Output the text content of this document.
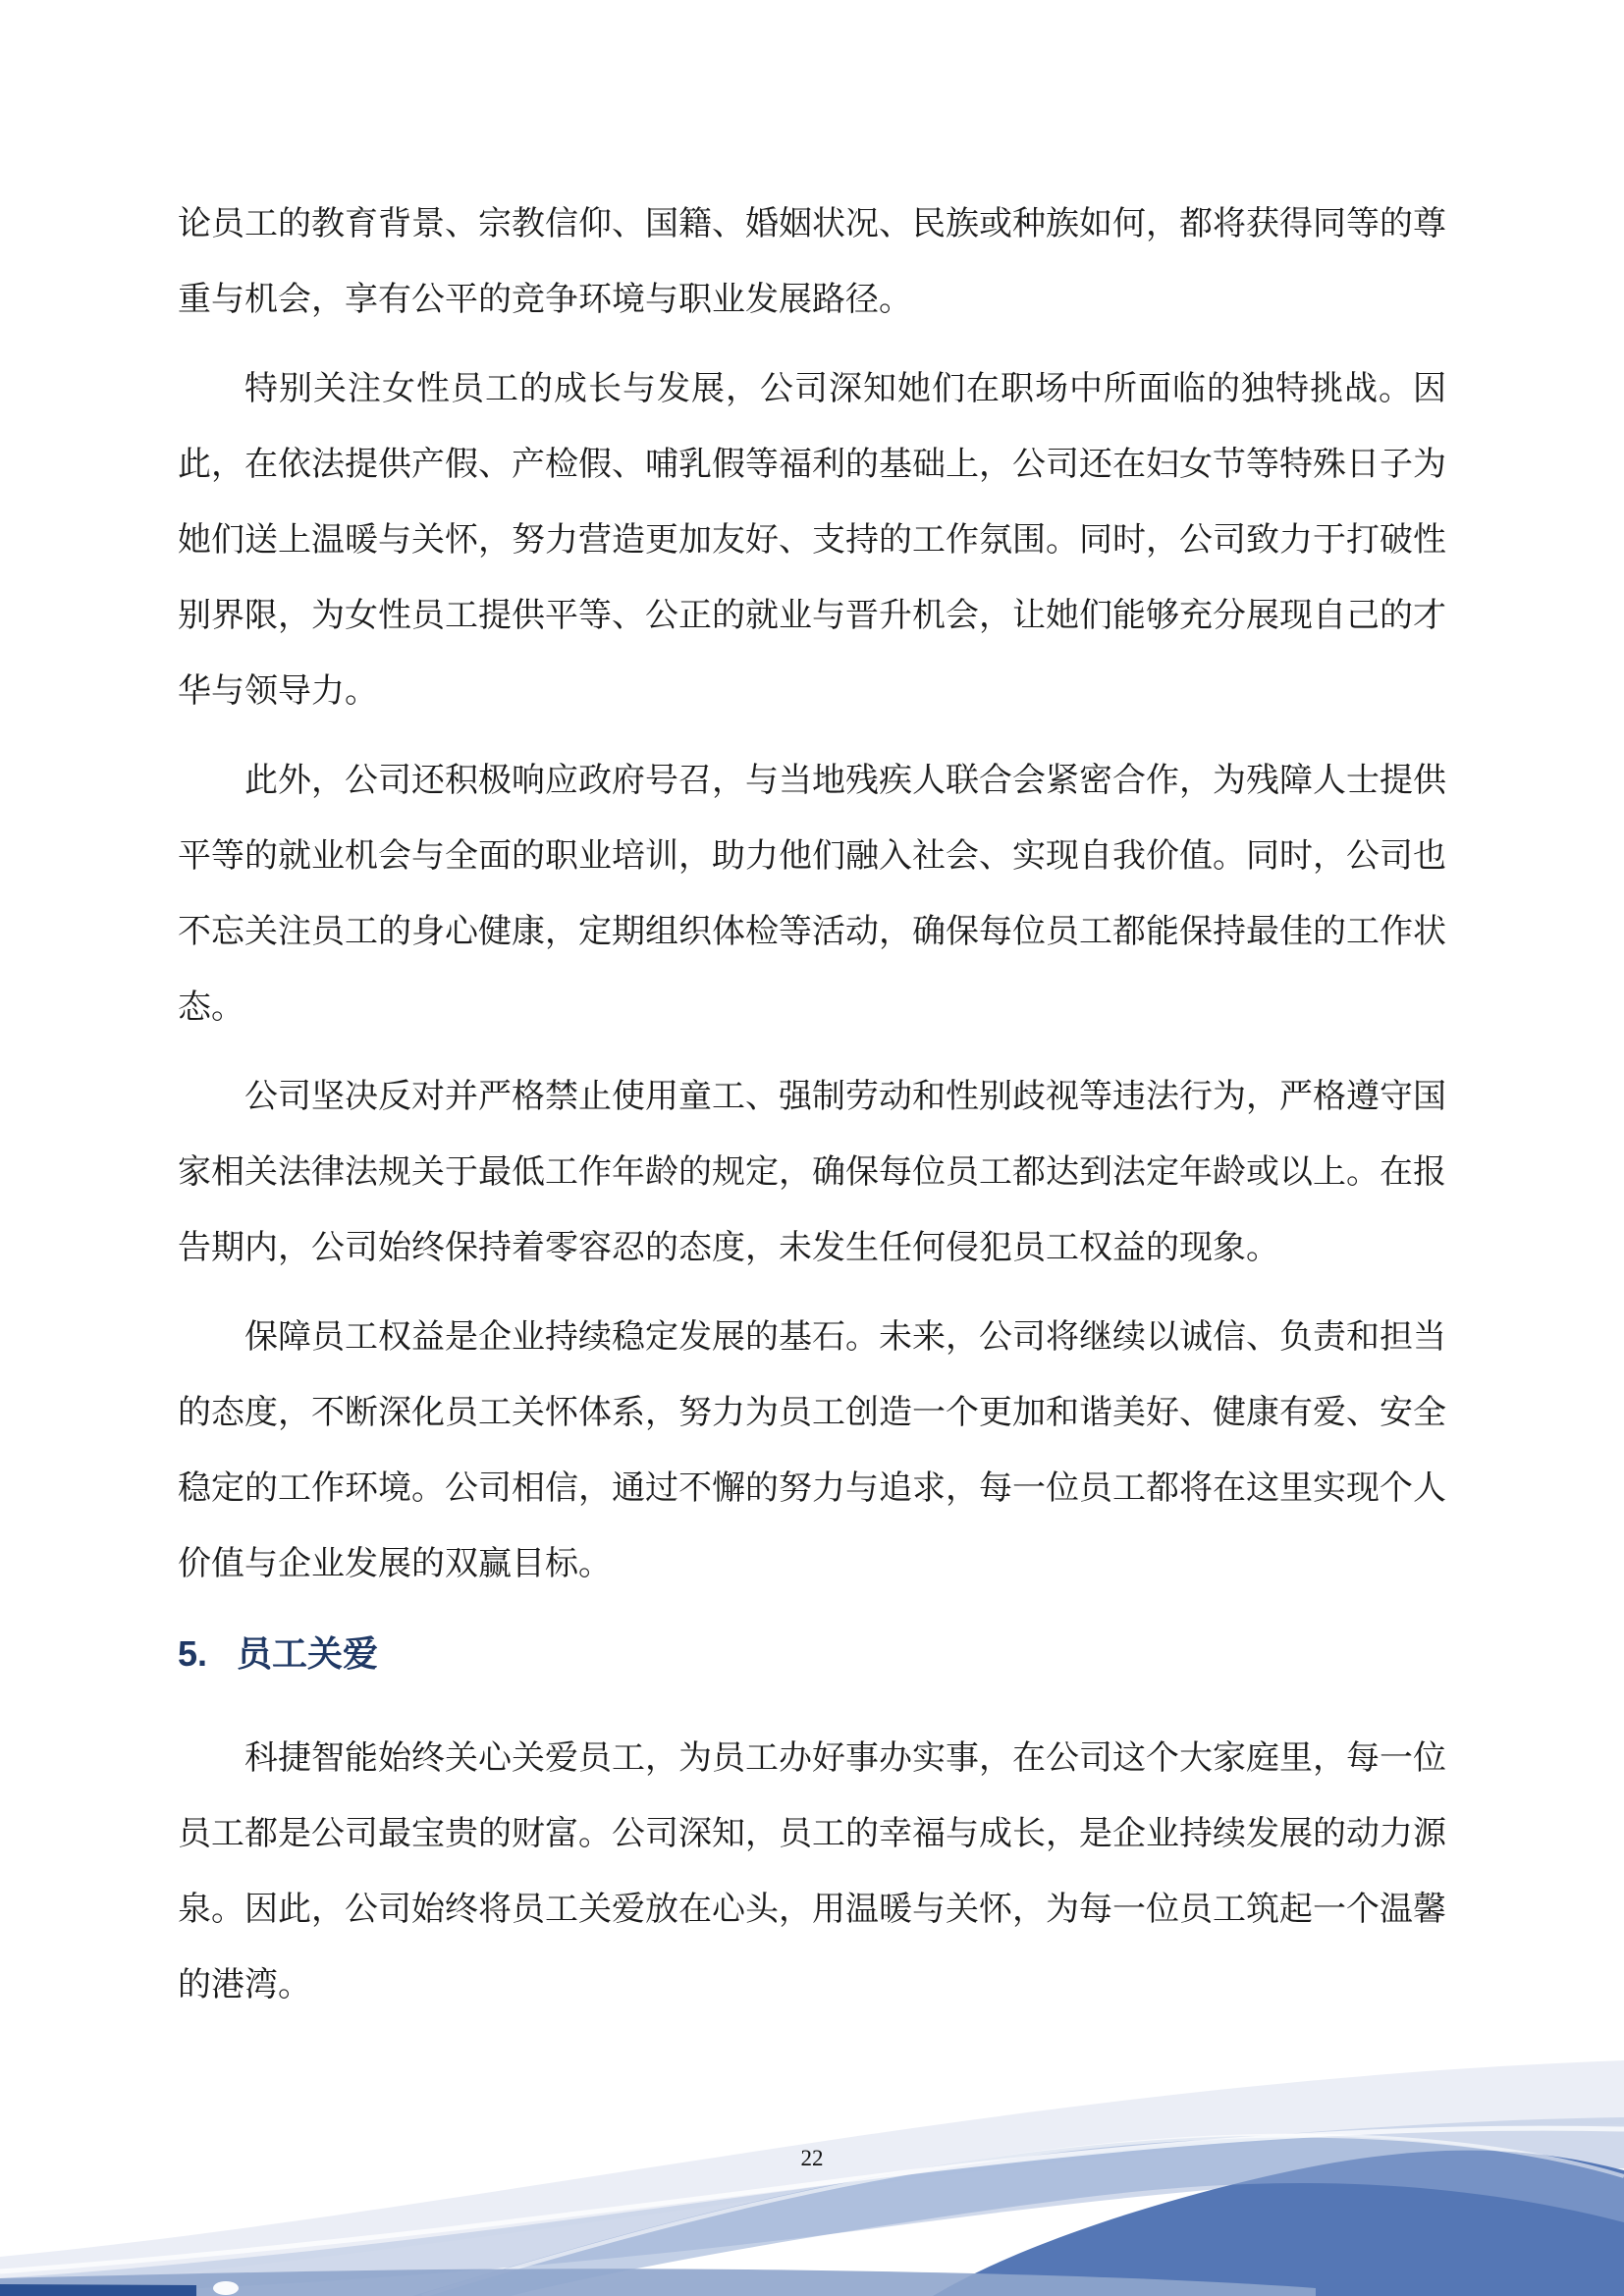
论员工的教育背景、宗教信仰、国籍、婚姻状况、民族或种族如何，都将获得同等的尊重与机会，享有公平的竞争环境与职业发展路径。

特别关注女性员工的成长与发展，公司深知她们在职场中所面临的独特挑战。因此，在依法提供产假、产检假、哺乳假等福利的基础上，公司还在妇女节等特殊日子为她们送上温暖与关怀，努力营造更加友好、支持的工作氛围。同时，公司致力于打破性别界限，为女性员工提供平等、公正的就业与晋升机会，让她们能够充分展现自己的才华与领导力。

此外，公司还积极响应政府号召，与当地残疾人联合会紧密合作，为残障人士提供平等的就业机会与全面的职业培训，助力他们融入社会、实现自我价值。同时，公司也不忘关注员工的身心健康，定期组织体检等活动，确保每位员工都能保持最佳的工作状态。

公司坚决反对并严格禁止使用童工、强制劳动和性别歧视等违法行为，严格遵守国家相关法律法规关于最低工作年龄的规定，确保每位员工都达到法定年龄或以上。在报告期内，公司始终保持着零容忍的态度，未发生任何侵犯员工权益的现象。

保障员工权益是企业持续稳定发展的基石。未来，公司将继续以诚信、负责和担当的态度，不断深化员工关怀体系，努力为员工创造一个更加和谐美好、健康有爱、安全稳定的工作环境。公司相信，通过不懈的努力与追求，每一位员工都将在这里实现个人价值与企业发展的双赢目标。

5. 员工关爱

科捷智能始终关心关爱员工，为员工办好事办实事，在公司这个大家庭里，每一位员工都是公司最宝贵的财富。公司深知，员工的幸福与成长，是企业持续发展的动力源泉。因此，公司始终将员工关爱放在心头，用温暖与关怀，为每一位员工筑起一个温馨的港湾。

22
